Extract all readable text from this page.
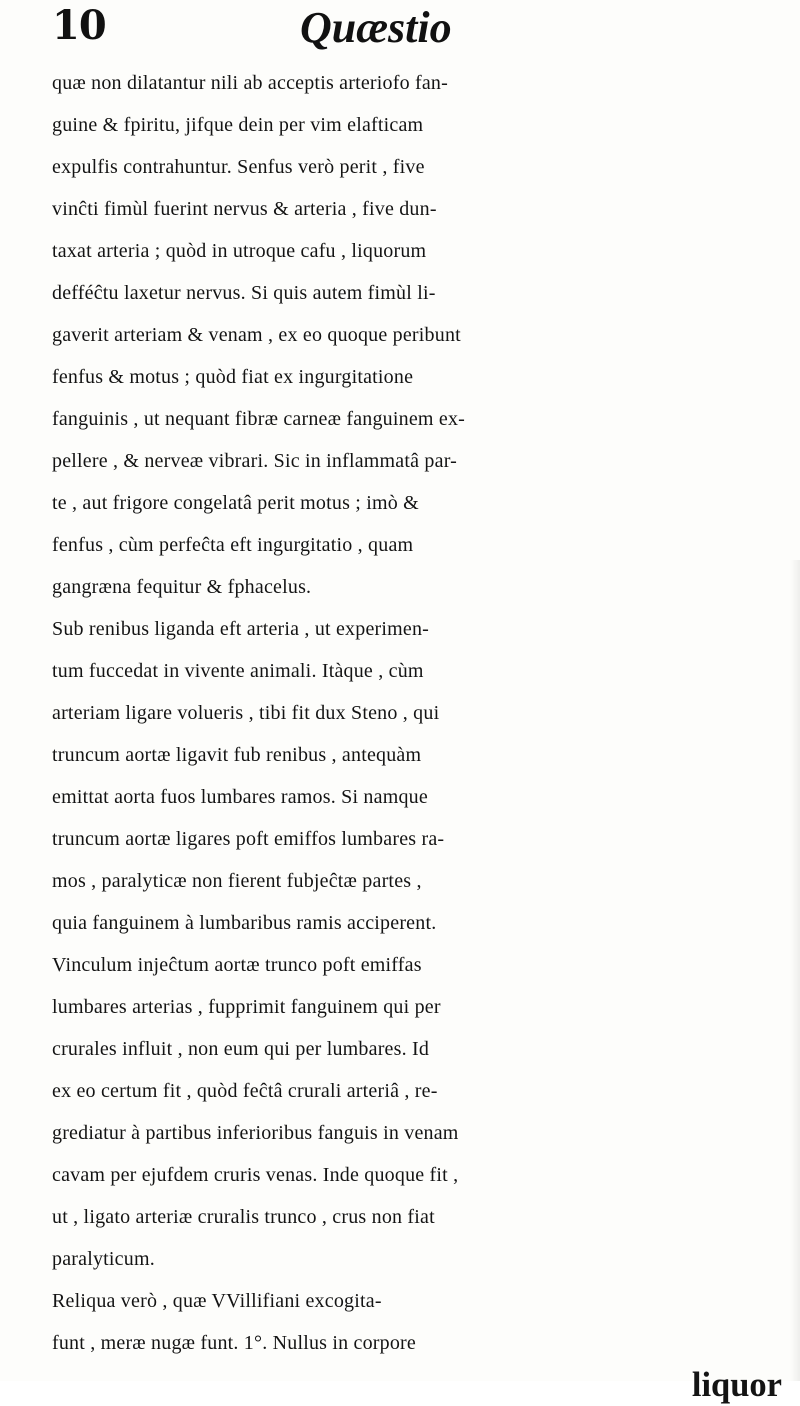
10	Quæstio
quæ non dilatantur nili ab acceptis arteriofo fan-
guine & fpiritu, jifque dein per vim elafticam
expulfis contrahuntur. Senfus verò perit , five
vinĉti fimùl fuerint nervus & arteria , five dun-
taxat arteria ; quòd in utroque cafu , liquorum
defféĉtu laxetur nervus. Si quis autem fimùl li-
gaverit arteriam & venam , ex eo quoque peribunt
fenfus & motus ; quòd fiat ex ingurgitatione
fanguinis , ut nequant fibræ carneæ fanguinem ex-
pellere , & nerveæ vibrari. Sic in inflammatâ par-
te , aut frigore congelatâ perit motus ; imò &
fenfus , cùm perfeĉta eft ingurgitatio , quam
gangræna fequitur & fphacelus.
Sub renibus liganda eft arteria , ut experimen-
tum fuccedat in vivente animali. Itàque , cùm
arteriam ligare volueris , tibi fit dux Steno , qui
truncum aortæ ligavit fub renibus , antequàm
emittat aorta fuos lumbares ramos. Si namque
truncum aortæ ligares poft emiffos lumbares ra-
mos , paralyticæ non fierent fubjeĉtæ partes ,
quia fanguinem à lumbaribus ramis acciperent.
Vinculum injeĉtum aortæ trunco poft emiffas
lumbares arterias , fupprimit fanguinem qui per
crurales influit , non eum qui per lumbares. Id
ex eo certum fit , quòd feĉtâ crurali arteriâ , re-
grediatur à partibus inferioribus fanguis in venam
cavam per ejufdem cruris venas. Inde quoque fit ,
ut , ligato arteriæ cruralis trunco , crus non fiat
paralyticum.
Reliqua verò , quæ VVillifiani excogita-
funt , meræ nugæ funt. 1°. Nullus in corpore
liquor
